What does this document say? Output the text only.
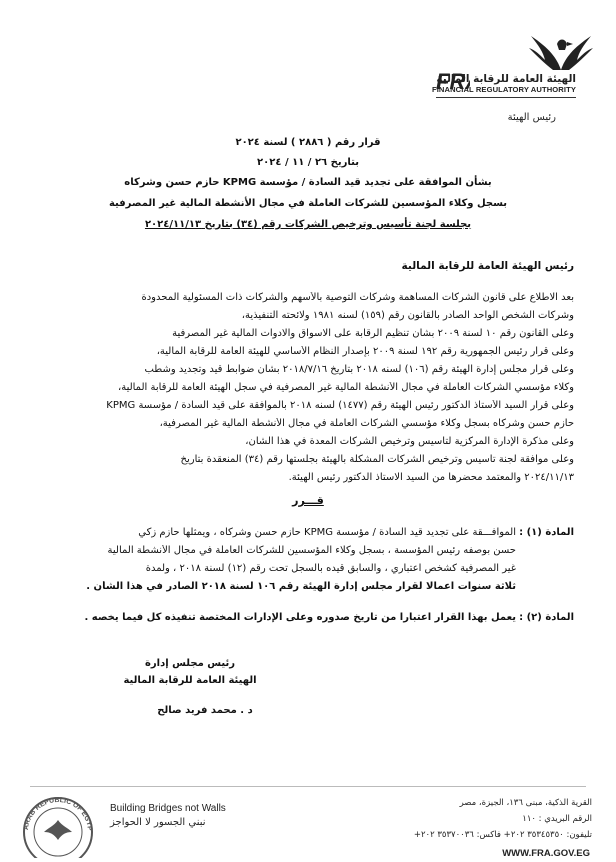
FR
الهيئة العامة للرقابة المالية
FINANCIAL REGULATORY AUTHORITY
رئيس الهيئة
قرار رقم ( ٢٨٨٦ ) لسنة ٢٠٢٤
بتاريخ ٢٦ / ١١ / ٢٠٢٤
بشأن الموافقة على تجديد قيد السادة / مؤسسة KPMG حازم حسن وشركاه
بسجل وكلاء المؤسسين للشركات العاملة في مجال الأنشطة المالية غير المصرفية
بجلسة لجنة تأسيس وترخيص الشركات رقم (٣٤) بتاريخ ٢٠٢٤/١١/١٣
رئيس الهيئة العامة للرقابة المالية
بعد الاطلاع على قانون الشركات المساهمة وشركات التوصية بالأسهم والشركات ذات المسئولية المحدودة
وشركات الشخص الواحد الصادر بالقانون رقم (١٥٩) لسنه ١٩٨١ ولائحته التنفيذية،
وعلى القانون رقم ١٠ لسنة ٢٠٠٩ بشأن تنظيم الرقابة على الاسواق والادوات المالية غير المصرفية
وعلى قرار رئيس الجمهورية رقم ١٩٢ لسنة ٢٠٠٩ بإصدار النظام الأساسي للهيئة العامة للرقابة المالية،
وعلى قرار مجلس إدارة الهيئة رقم (١٠٦) لسنه ٢٠١٨ بتاريخ ٢٠١٨/٧/١٦ بشأن ضوابط قيد وتجديد وشطب
وكلاء مؤسسي الشركات العاملة في مجال الأنشطة المالية غير المصرفية في سجل الهيئة العامة للرقابة المالية،
وعلى قرار السيد الأستاذ الدكتور رئيس الهيئة رقم (١٤٧٧) لسنه ٢٠١٨ بالموافقة على قيد السادة / مؤسسة KPMG
حازم حسن وشركاه بسجل وكلاء مؤسسي الشركات العاملة في مجال الأنشطة المالية غير المصرفية،
وعلى مذكرة الإدارة المركزية لتأسيس وترخيص الشركات المعدة في هذا الشأن،
وعلى موافقة لجنة تأسيس وترخيص الشركات المشكلة بالهيئة بجلستها رقم (٣٤) المنعقدة بتاريخ
٢٠٢٤/١١/١٣ والمعتمد محضرها من السيد الاستاذ الدكتور رئيس الهيئة.
قـــرر
المادة (١) :
الموافـــقة على تجديد قيد السادة / مؤسسة KPMG حازم حسن وشركاه ، ويمثلها حازم زكي
حسن بوصفه رئيس المؤسسة ، بسجل وكلاء المؤسسين للشركات العاملة في مجال الأنشطة المالية
غير المصرفية كشخص اعتباري ، والسابق قيده بالسجل تحت رقم (١٢) لسنة ٢٠١٨ ، ولمدة
ثلاثة سنوات اعمالا لقرار مجلس إدارة الهيئة رقم ١٠٦ لسنة ٢٠١٨ الصادر في هذا الشأن .
المادة (٢) :
يعمل بهذا القرار اعتبارا من تاريخ صدوره وعلى الإدارات المختصة تنفيذه كل فيما يخصه .
رئيس مجلس إدارة
الهيئة العامة للرقابة المالية
د . محمد فريد صالح
ARAB REPUBLIC OF EGYP
Building Bridges not Walls
نبني الجسور لا الحواجز
القرية الذكية، مبنى ١٣٦، الجيزة، مصر
الرقم البريدي : ١١٠
تليفون: ٣٥٣٤٥٣٥٠ ٢٠٢+ فاكس: ٣٥٣٧٠٠٣٦ ٢٠٢+
WWW.FRA.GOV.EG
